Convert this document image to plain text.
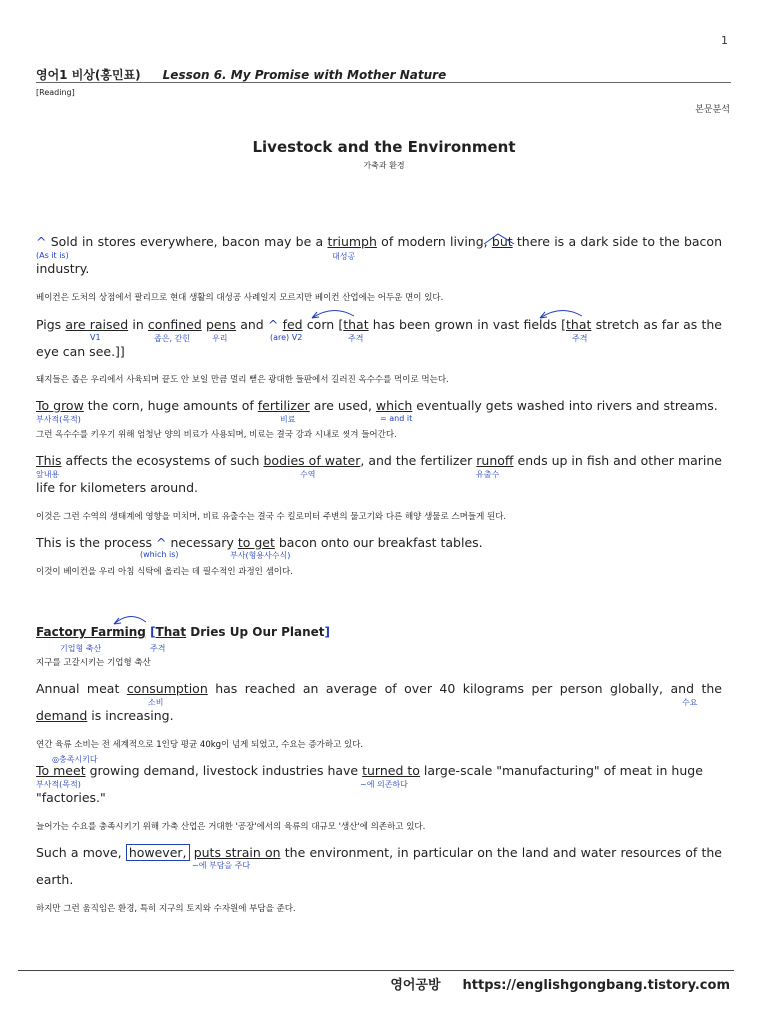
1
영어1 비상(홍민표) Lesson 6. My Promise with Mother Nature
[Reading]
본문분석
Livestock and the Environment
가축과 환경
^ Sold in stores everywhere, bacon may be a triumph of modern living, but there is a dark side to the bacon industry.
(As it is)	대성공
베이컨은 도처의 상점에서 팔리므로 현대 생활의 대성공 사례일지 모르지만 베이컨 산업에는 어두운 면이 있다.
Pigs are raised in confined pens and ^ fed corn [that has been grown in vast fields [that stretch as far as the eye can see.]]
V1	좁은, 갇힌	우리	(are) V2	주격	주격
돼지들은 좁은 우리에서 사육되며 끝도 안 보일 만큼 멀리 뻗은 광대한 들판에서 길러진 옥수수를 먹이로 먹는다.
To grow the corn, huge amounts of fertilizer are used, which eventually gets washed into rivers and streams.
부사적(목적)	비료	= and it
그런 옥수수를 키우기 위해 엄청난 양의 비료가 사용되며, 비료는 결국 강과 시내로 씻겨 들어간다.
This affects the ecosystems of such bodies of water, and the fertilizer runoff ends up in fish and other marine life for kilometers around.
앞내용	수역	유출수
이것은 그런 수역의 생태계에 영향을 미치며, 비료 유출수는 결국 수 킬로미터 주변의 물고기와 다른 해양 생물로 스며들게 된다.
This is the process ^ necessary to get bacon onto our breakfast tables.
(which is)	부사(형용사수식)
이것이 베이컨을 우리 아침 식탁에 올리는 데 필수적인 과정인 셈이다.
Factory Farming [That Dries Up Our Planet]
기업형 축산	주격
지구를 고갈시키는 기업형 축산
Annual meat consumption has reached an average of over 40 kilograms per person globally, and the demand is increasing.
소비	수요
연간 육류 소비는 전 세계적으로 1인당 평균 40kg이 넘게 되었고, 수요는 증가하고 있다.
◎충족시키다
To meet growing demand, livestock industries have turned to large-scale "manufacturing" of meat in huge "factories."
부사적(목적)	~에 의존하다
늘어가는 수요를 충족시키기 위해 가축 산업은 거대한 '공장'에서의 육류의 대규모 '생산'에 의존하고 있다.
Such a move, however, puts strain on the environment, in particular on the land and water resources of the earth.
~에 부담을 주다
하지만 그런 움직임은 환경, 특히 지구의 토지와 수자원에 부담을 준다.
영어공방 https://englishgongbang.tistory.com
